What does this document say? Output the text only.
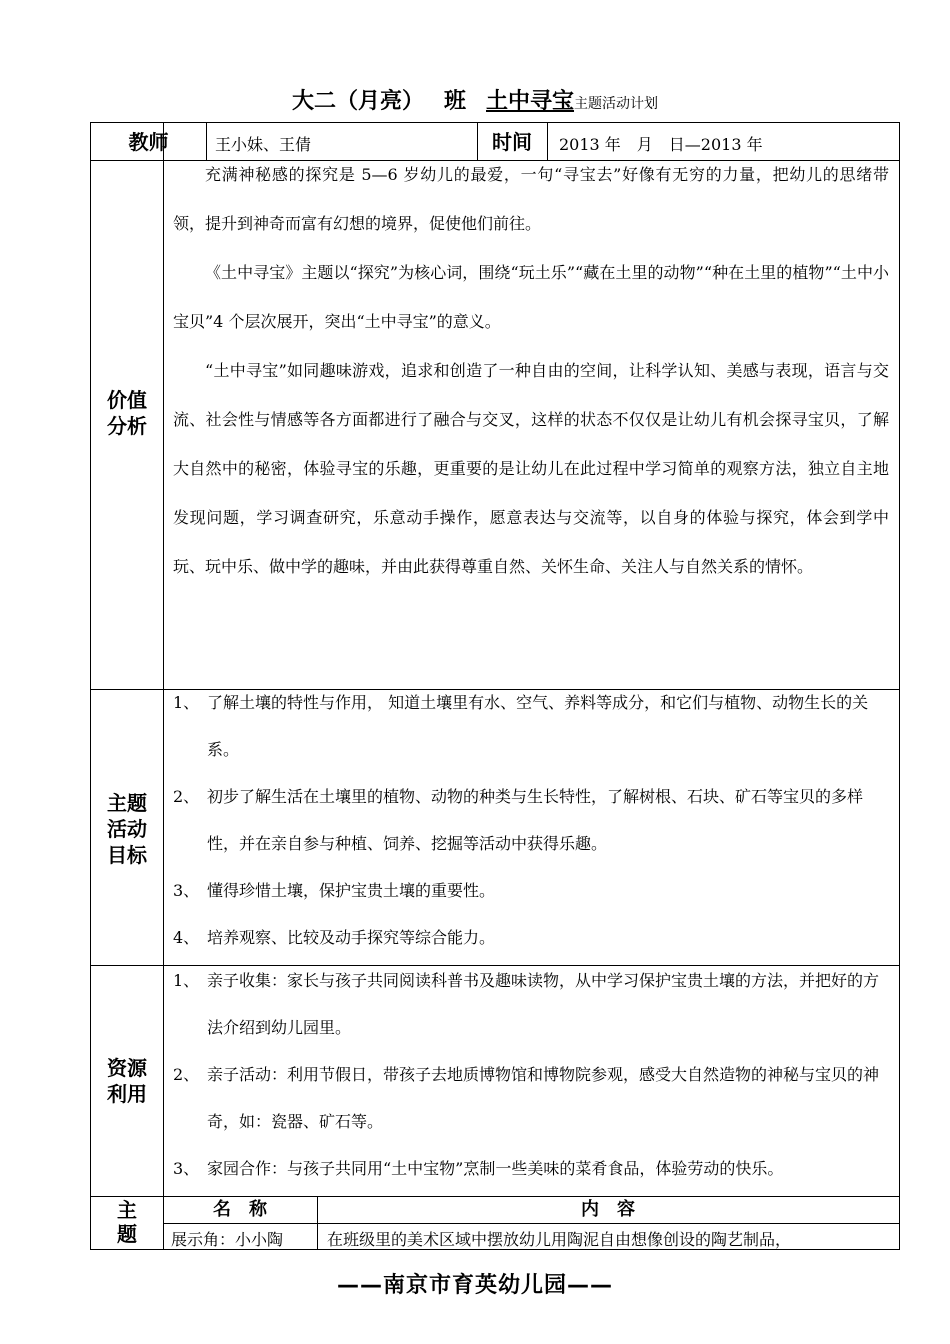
大二（月亮） 班 土中寻宝主题活动计划
教师	王小妹、王倩	时间	2013 年　月　日—2013 年
价值
分析

充满神秘感的探究是 5—6 岁幼儿的最爱，一句“寻宝去”好像有无穷的力量，把幼儿的思绪带领，提升到神奇而富有幻想的境界，促使他们前往。

《土中寻宝》主题以“探究”为核心词，围绕“玩土乐”“藏在土里的动物”“种在土里的植物”“土中小宝贝”4 个层次展开，突出“土中寻宝”的意义。

“土中寻宝”如同趣味游戏，追求和创造了一种自由的空间，让科学认知、美感与表现，语言与交流、社会性与情感等各方面都进行了融合与交叉，这样的状态不仅仅是让幼儿有机会探寻宝贝，了解大自然中的秘密，体验寻宝的乐趣，更重要的是让幼儿在此过程中学习简单的观察方法，独立自主地发现问题，学习调查研究，乐意动手操作，愿意表达与交流等，以自身的体验与探究，体会到学中玩、玩中乐、做中学的趣味，并由此获得尊重自然、关怀生命、关注人与自然关系的情怀。

主题
活动
目标
1、 了解土壤的特性与作用， 知道土壤里有水、空气、养料等成分，和它们与植物、动物生长的关系。
2、 初步了解生活在土壤里的植物、动物的种类与生长特性，了解树根、石块、矿石等宝贝的多样性，并在亲自参与种植、饲养、挖掘等活动中获得乐趣。
3、 懂得珍惜土壤，保护宝贵土壤的重要性。
4、 培养观察、比较及动手探究等综合能力。
资源
利用
1、 亲子收集：家长与孩子共同阅读科普书及趣味读物，从中学习保护宝贵土壤的方法，并把好的方法介绍到幼儿园里。
2、 亲子活动：利用节假日，带孩子去地质博物馆和博物院参观，感受大自然造物的神秘与宝贝的神奇，如：瓷器、矿石等。
3、 家园合作：与孩子共同用“土中宝物”烹制一些美味的菜肴食品，体验劳动的快乐。
主
题
名　称	内　容
展示角：小小陶	在班级里的美术区域中摆放幼儿用陶泥自由想像创设的陶艺制品，
——南京市育英幼儿园——
